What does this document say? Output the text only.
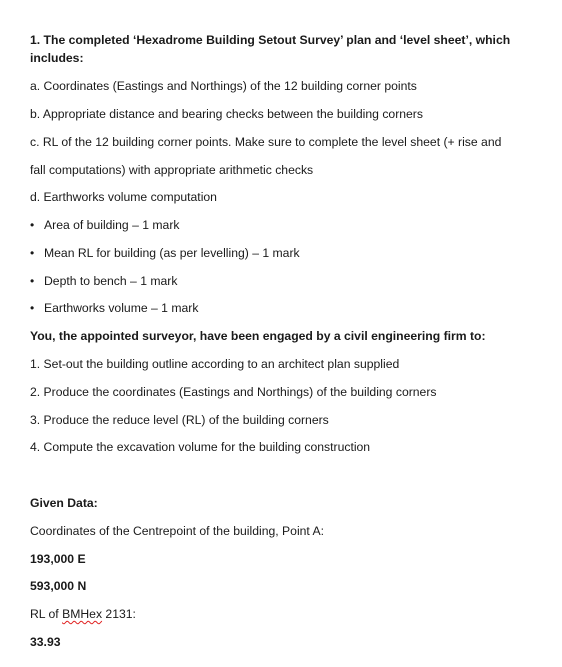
1. The completed ‘Hexadrome Building Setout Survey’ plan and ‘level sheet’, which
includes:
a. Coordinates (Eastings and Northings) of the 12 building corner points
b. Appropriate distance and bearing checks between the building corners
c. RL of the 12 building corner points. Make sure to complete the level sheet (+ rise and
fall computations) with appropriate arithmetic checks
d. Earthworks volume computation
• Area of building – 1 mark
• Mean RL for building (as per levelling) – 1 mark
• Depth to bench – 1 mark
• Earthworks volume – 1 mark
You, the appointed surveyor, have been engaged by a civil engineering firm to:
1. Set-out the building outline according to an architect plan supplied
2. Produce the coordinates (Eastings and Northings) of the building corners
3. Produce the reduce level (RL) of the building corners
4. Compute the excavation volume for the building construction
Given Data:
Coordinates of the Centrepoint of the building, Point A:
193,000 E
593,000 N
RL of BMHex 2131:
33.93
